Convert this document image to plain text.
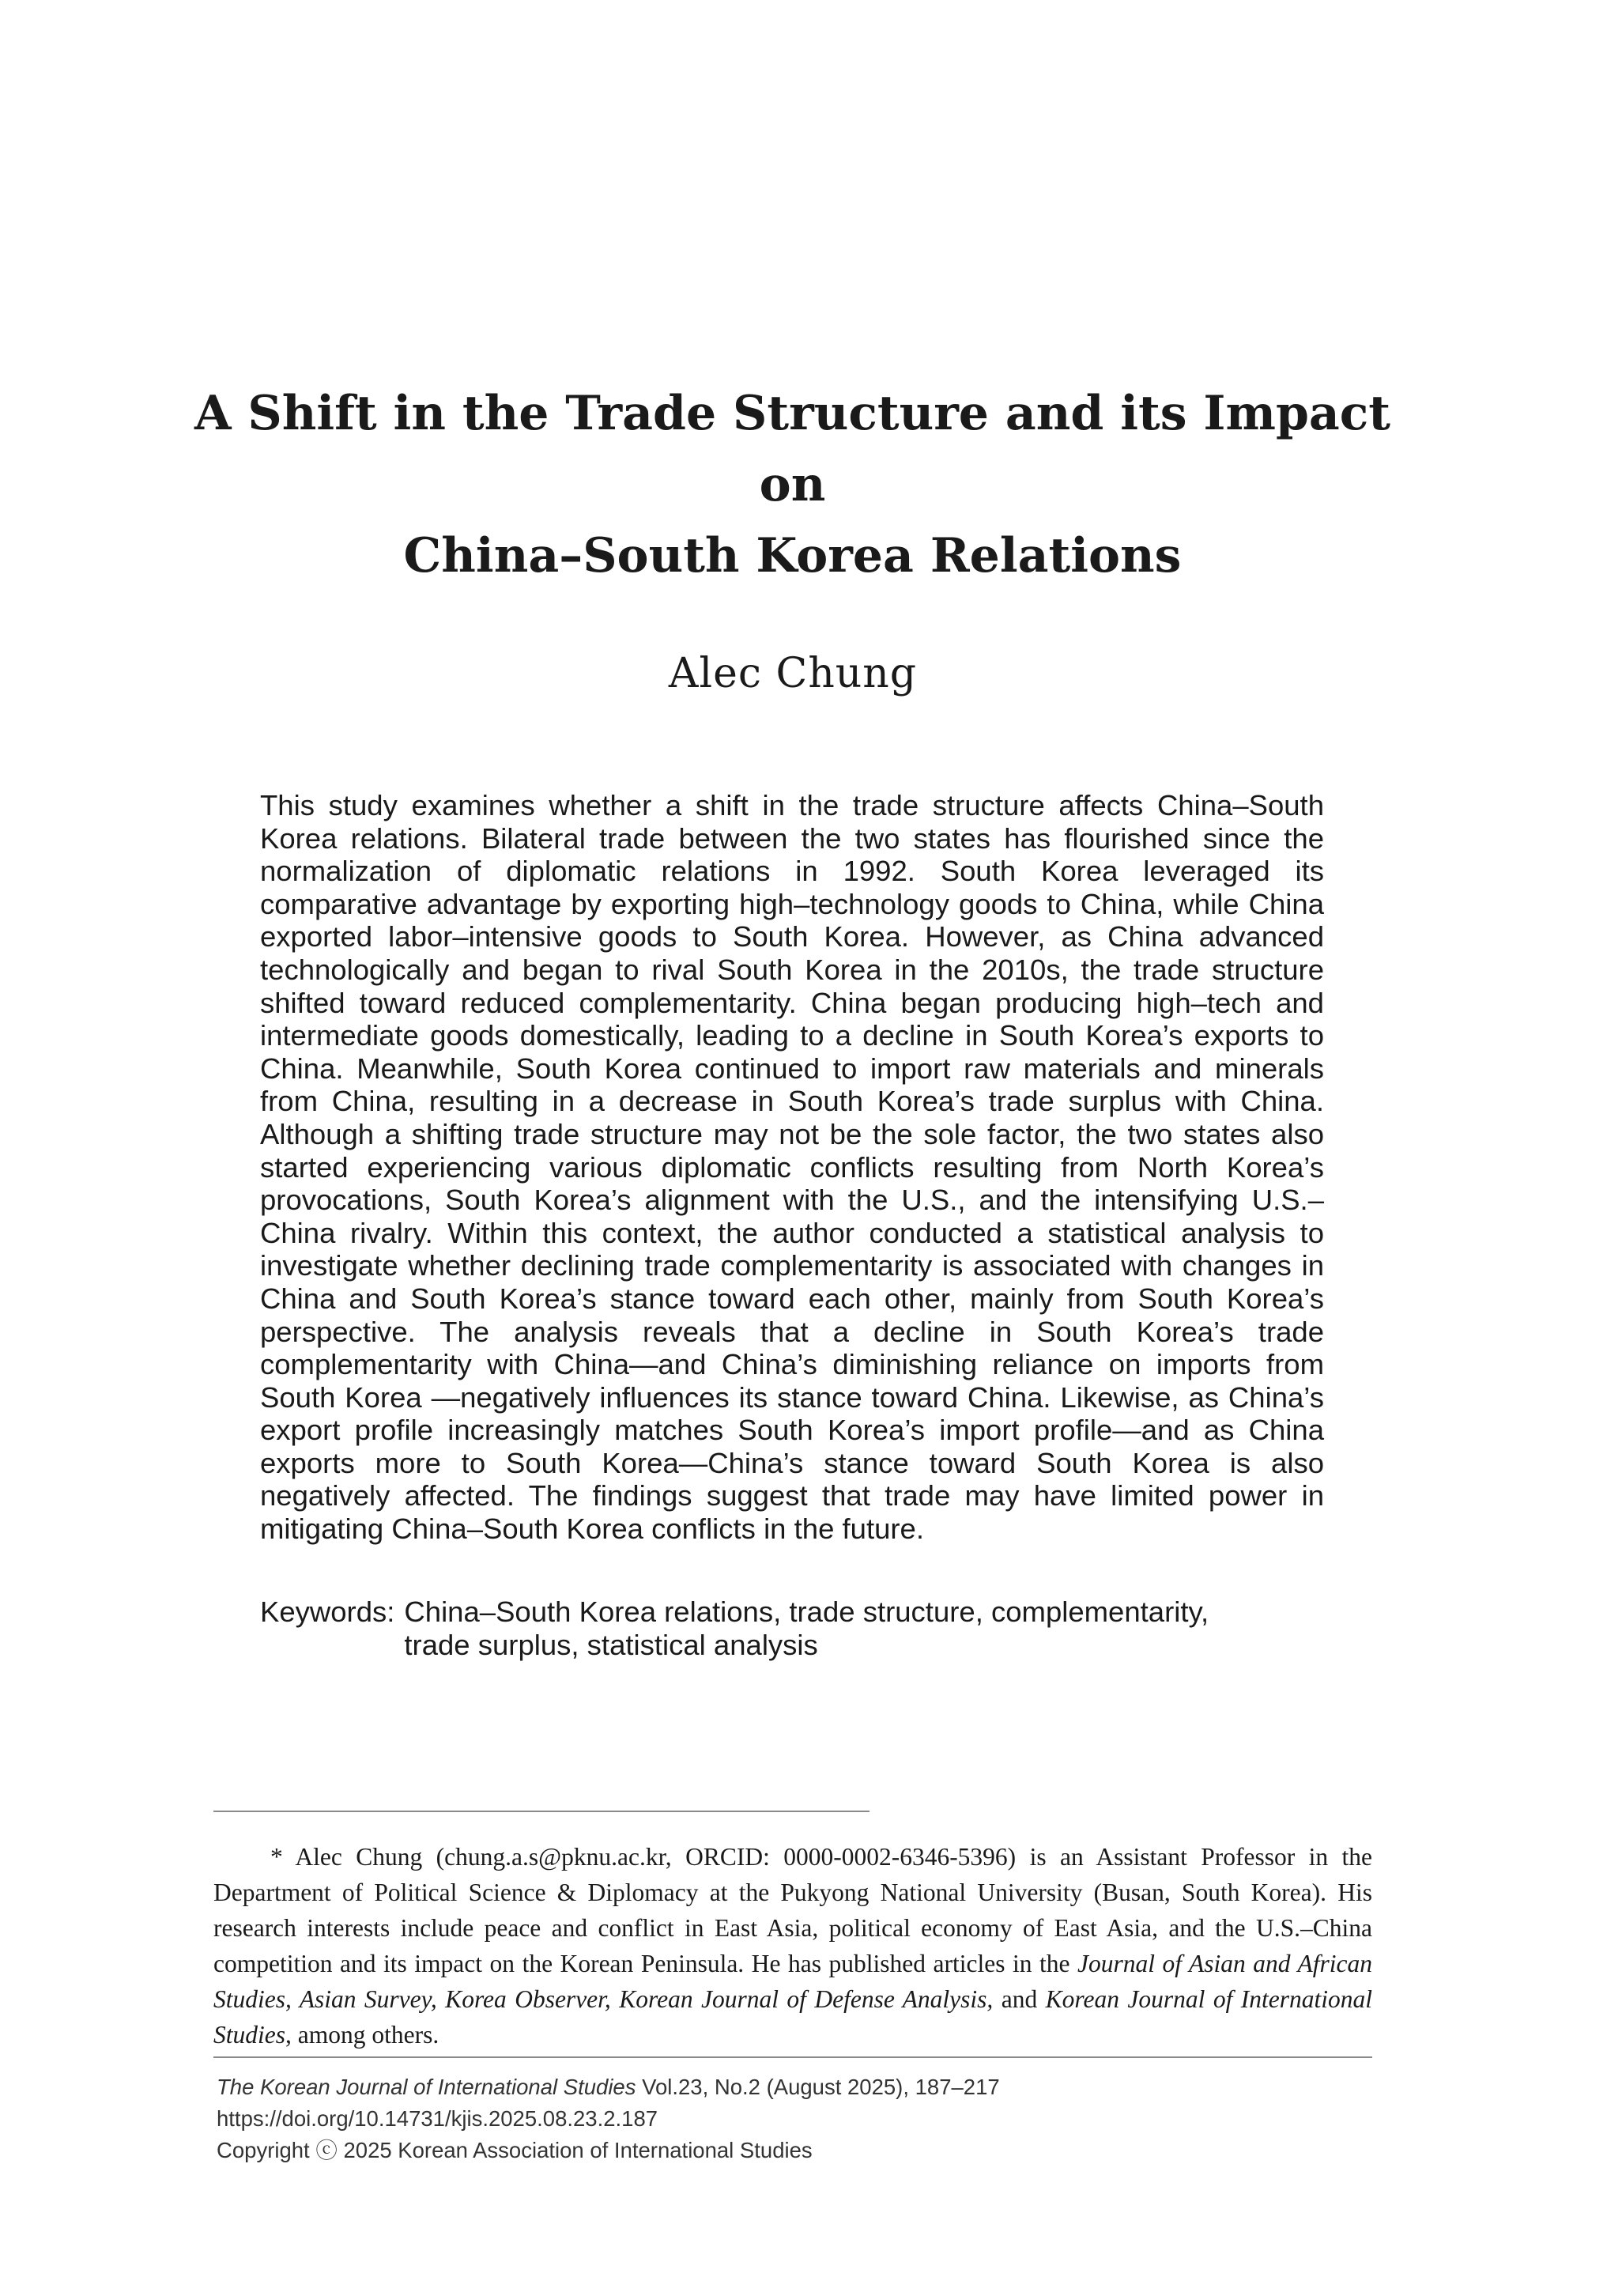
A Shift in the Trade Structure and its Impact on
China–South Korea Relations
Alec Chung

This study examines whether a shift in the trade structure affects China–South Korea relations. Bilateral trade between the two states has flourished since the normalization of diplomatic relations in 1992. South Korea leveraged its comparative advantage by exporting high–technology goods to China, while China exported labor–intensive goods to South Korea. However, as China advanced technologically and began to rival South Korea in the 2010s, the trade structure shifted toward reduced complementarity. China began producing high–tech and intermediate goods domestically, leading to a decline in South Korea’s exports to China. Meanwhile, South Korea continued to import raw materials and minerals from China, resulting in a decrease in South Korea’s trade surplus with China. Although a shifting trade structure may not be the sole factor, the two states also started experiencing various diplomatic conflicts resulting from North Korea’s provocations, South Korea’s alignment with the U.S., and the intensifying U.S.–China rivalry. Within this context, the author conducted a statistical analysis to investigate whether declining trade complementarity is associated with changes in China and South Korea’s stance toward each other, mainly from South Korea’s perspective. The analysis reveals that a decline in South Korea’s trade complementarity with China—and China’s diminishing reliance on imports from South Korea —negatively influences its stance toward China. Likewise, as China’s export profile increasingly matches South Korea’s import profile—and as China exports more to South Korea—China’s stance toward South Korea is also negatively affected. The findings suggest that trade may have limited power in mitigating China–South Korea conflicts in the future.

Keywords: China–South Korea relations, trade structure, complementarity, trade surplus, statistical analysis

* Alec Chung (chung.a.s@pknu.ac.kr, ORCID: 0000-0002-6346-5396) is an Assistant Professor in the Department of Political Science & Diplomacy at the Pukyong National University (Busan, South Korea). His research interests include peace and conflict in East Asia, political economy of East Asia, and the U.S.–China competition and its impact on the Korean Peninsula. He has published articles in the Journal of Asian and African Studies, Asian Survey, Korea Observer, Korean Journal of Defense Analysis, and Korean Journal of International Studies, among others.

The Korean Journal of International Studies Vol.23, No.2 (August 2025), 187–217
https://doi.org/10.14731/kjis.2025.08.23.2.187
Copyright ⓒ 2025 Korean Association of International Studies
